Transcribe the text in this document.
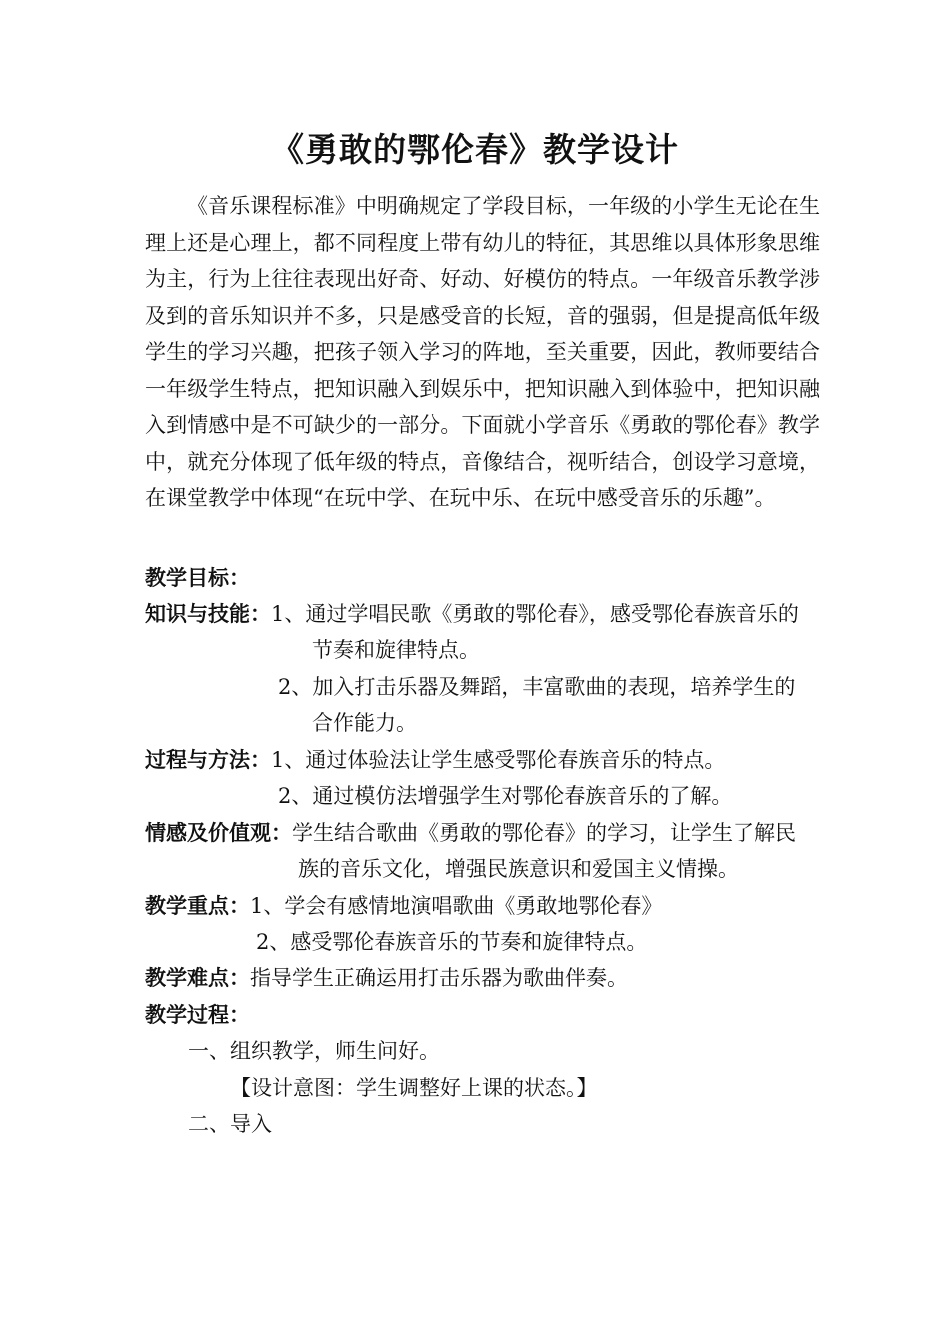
《勇敢的鄂伦春》教学设计

《音乐课程标准》中明确规定了学段目标，一年级的小学生无论在生理上还是心理上，都不同程度上带有幼儿的特征，其思维以具体形象思维为主，行为上往往表现出好奇、好动、好模仿的特点。一年级音乐教学涉及到的音乐知识并不多，只是感受音的长短，音的强弱，但是提高低年级学生的学习兴趣，把孩子领入学习的阵地，至关重要，因此，教师要结合一年级学生特点，把知识融入到娱乐中，把知识融入到体验中，把知识融入到情感中是不可缺少的一部分。下面就小学音乐《勇敢的鄂伦春》教学中，就充分体现了低年级的特点，音像结合，视听结合，创设学习意境，在课堂教学中体现“在玩中学、在玩中乐、在玩中感受音乐的乐趣”。

教学目标：
知识与技能：1、通过学唱民歌《勇敢的鄂伦春》，感受鄂伦春族音乐的
节奏和旋律特点。
2、加入打击乐器及舞蹈，丰富歌曲的表现，培养学生的
合作能力。
过程与方法：1、通过体验法让学生感受鄂伦春族音乐的特点。
2、通过模仿法增强学生对鄂伦春族音乐的了解。
情感及价值观：学生结合歌曲《勇敢的鄂伦春》的学习，让学生了解民
族的音乐文化，增强民族意识和爱国主义情操。
教学重点：1、学会有感情地演唱歌曲《勇敢地鄂伦春》
2、感受鄂伦春族音乐的节奏和旋律特点。
教学难点：指导学生正确运用打击乐器为歌曲伴奏。
教学过程：
一、组织教学，师生问好。
【设计意图：学生调整好上课的状态。】
二、导入
